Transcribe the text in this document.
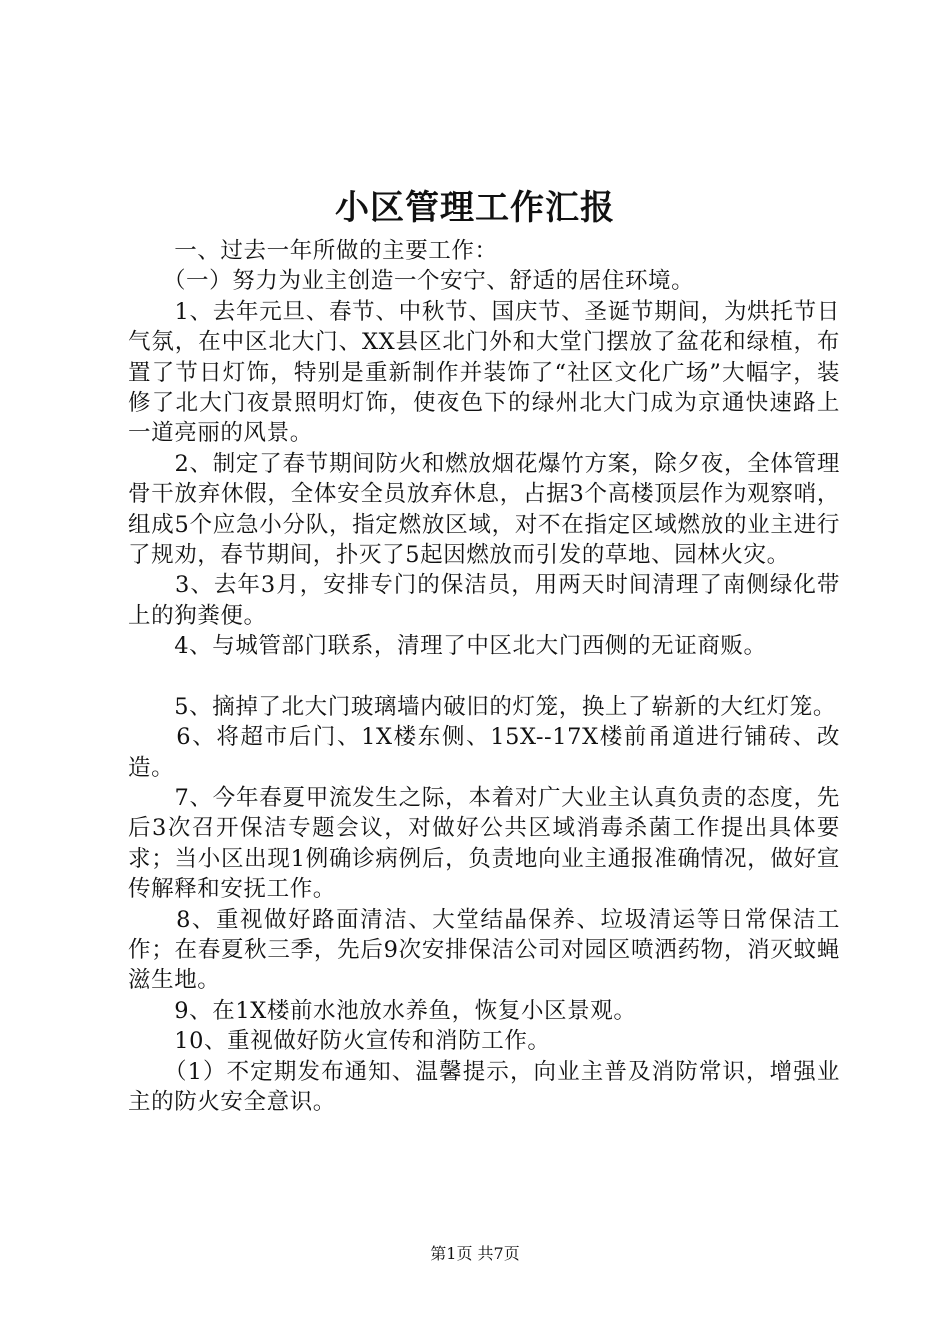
小区管理工作汇报

　　一、过去一年所做的主要工作：

　　（一）努力为业主创造一个安宁、舒适的居住环境。

　　1、去年元旦、春节、中秋节、国庆节、圣诞节期间，为烘托节日气氛，在中区北大门、XX县区北门外和大堂门摆放了盆花和绿植，布置了节日灯饰，特别是重新制作并装饰了“社区文化广场”大幅字，装修了北大门夜景照明灯饰，使夜色下的绿州北大门成为京通快速路上一道亮丽的风景。

　　2、制定了春节期间防火和燃放烟花爆竹方案，除夕夜，全体管理骨干放弃休假，全体安全员放弃休息，占据3个高楼顶层作为观察哨，组成5个应急小分队，指定燃放区域，对不在指定区域燃放的业主进行了规劝，春节期间，扑灭了5起因燃放而引发的草地、园林火灾。

　　3、去年3月，安排专门的保洁员，用两天时间清理了南侧绿化带上的狗粪便。

　　4、与城管部门联系，清理了中区北大门西侧的无证商贩。

　　5、摘掉了北大门玻璃墙内破旧的灯笼，换上了崭新的大红灯笼。

　　6、将超市后门、1X楼东侧、15X--17X楼前甬道进行铺砖、改造。

　　7、今年春夏甲流发生之际，本着对广大业主认真负责的态度，先后3次召开保洁专题会议，对做好公共区域消毒杀菌工作提出具体要求；当小区出现1例确诊病例后，负责地向业主通报准确情况，做好宣传解释和安抚工作。

　　8、重视做好路面清洁、大堂结晶保养、垃圾清运等日常保洁工作；在春夏秋三季，先后9次安排保洁公司对园区喷洒药物，消灭蚊蝇滋生地。

　　9、在1X楼前水池放水养鱼，恢复小区景观。

　　10、重视做好防火宣传和消防工作。

　　（1）不定期发布通知、温馨提示，向业主普及消防常识，增强业主的防火安全意识。

第1页 共7页
